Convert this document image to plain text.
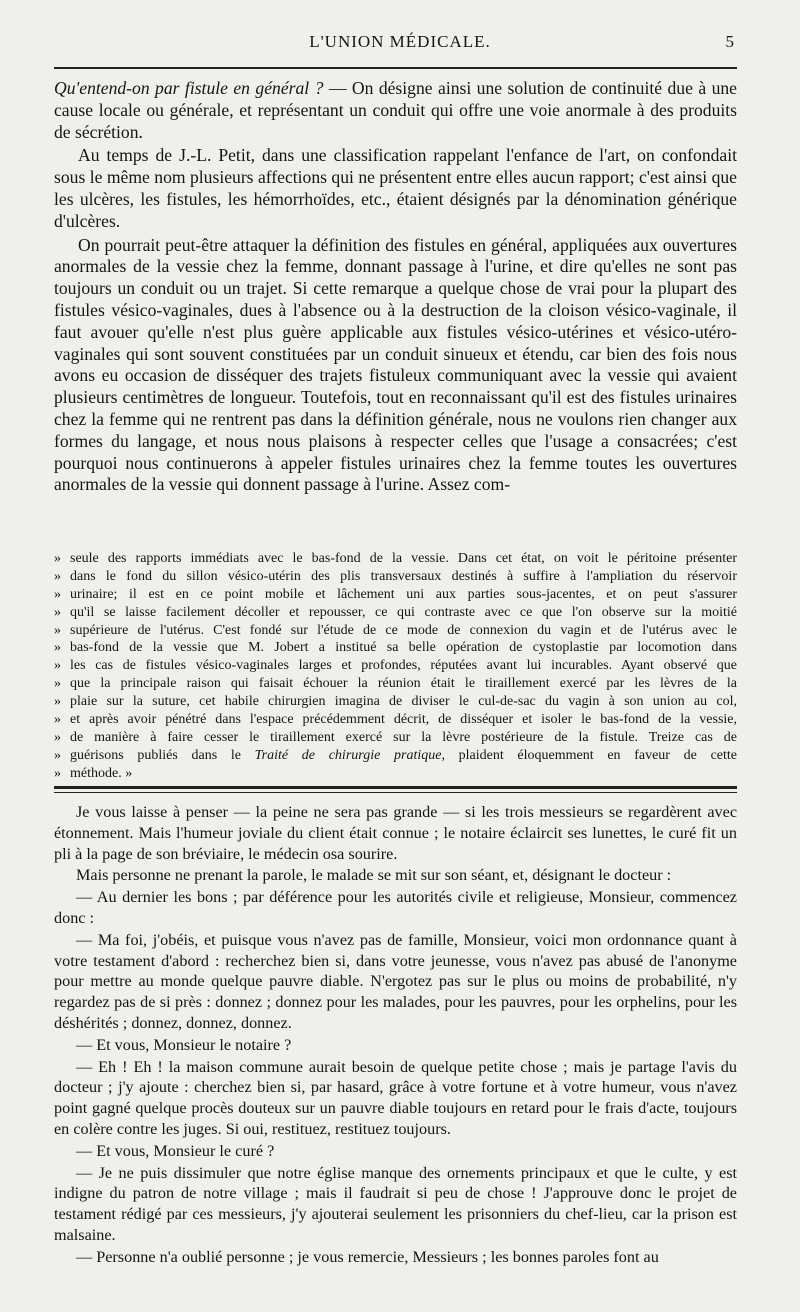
L'UNION MÉDICALE.	5

Qu'entend-on par fistule en général ? — On désigne ainsi une solution de continuité due à une cause locale ou générale, et représentant un conduit qui offre une voie anormale à des produits de sécrétion.

Au temps de J.-L. Petit, dans une classification rappelant l'enfance de l'art, on confondait sous le même nom plusieurs affections qui ne présentent entre elles aucun rapport; c'est ainsi que les ulcères, les fistules, les hémorrhoïdes, etc., étaient désignés par la dénomination générique d'ulcères.

On pourrait peut-être attaquer la définition des fistules en général, appliquées aux ouvertures anormales de la vessie chez la femme, donnant passage à l'urine, et dire qu'elles ne sont pas toujours un conduit ou un trajet. Si cette remarque a quelque chose de vrai pour la plupart des fistules vésico-vaginales, dues à l'absence ou à la destruction de la cloison vésico-vaginale, il faut avouer qu'elle n'est plus guère applicable aux fistules vésico-utérines et vésico-utéro-vaginales qui sont souvent constituées par un conduit sinueux et étendu, car bien des fois nous avons eu occasion de disséquer des trajets fistuleux communiquant avec la vessie qui avaient plusieurs centimètres de longueur. Toutefois, tout en reconnaissant qu'il est des fistules urinaires chez la femme qui ne rentrent pas dans la définition générale, nous ne voulons rien changer aux formes du langage, et nous nous plaisons à respecter celles que l'usage a consacrées; c'est pourquoi nous continuerons à appeler fistules urinaires chez la femme toutes les ouvertures anormales de la vessie qui donnent passage à l'urine. Assez com-

» seule des rapports immédiats avec le bas-fond de la vessie. Dans cet état, on voit le péritoine présenter
» dans le fond du sillon vésico-utérin des plis transversaux destinés à suffire à l'ampliation du réservoir
» urinaire; il est en ce point mobile et lâchement uni aux parties sous-jacentes, et on peut s'assurer
» qu'il se laisse facilement décoller et repousser, ce qui contraste avec ce que l'on observe sur la moitié
» supérieure de l'utérus. C'est fondé sur l'étude de ce mode de connexion du vagin et de l'utérus avec le
» bas-fond de la vessie que M. Jobert a institué sa belle opération de cystoplastie par locomotion dans
» les cas de fistules vésico-vaginales larges et profondes, réputées avant lui incurables. Ayant observé que
» que la principale raison qui faisait échouer la réunion était le tiraillement exercé par les lèvres de la
» plaie sur la suture, cet habile chirurgien imagina de diviser le cul-de-sac du vagin à son union au col,
» et après avoir pénétré dans l'espace précédemment décrit, de disséquer et isoler le bas-fond de la vessie,
» de manière à faire cesser le tiraillement exercé sur la lèvre postérieure de la fistule. Treize cas de
» guérisons publiés dans le Traité de chirurgie pratique, plaident éloquemment en faveur de cette
» méthode. »

Je vous laisse à penser — la peine ne sera pas grande — si les trois messieurs se regardèrent avec étonnement. Mais l'humeur joviale du client était connue ; le notaire éclaircit ses lunettes, le curé fit un pli à la page de son bréviaire, le médecin osa sourire.

Mais personne ne prenant la parole, le malade se mit sur son séant, et, désignant le docteur :

— Au dernier les bons ; par déférence pour les autorités civile et religieuse, Monsieur, commencez donc :

— Ma foi, j'obéis, et puisque vous n'avez pas de famille, Monsieur, voici mon ordonnance quant à votre testament d'abord : recherchez bien si, dans votre jeunesse, vous n'avez pas abusé de l'anonyme pour mettre au monde quelque pauvre diable. N'ergotez pas sur le plus ou moins de probabilité, n'y regardez pas de si près : donnez ; donnez pour les malades, pour les pauvres, pour les orphelins, pour les déshérités ; donnez, donnez, donnez.

— Et vous, Monsieur le notaire ?

— Eh ! Eh ! la maison commune aurait besoin de quelque petite chose ; mais je partage l'avis du docteur ; j'y ajoute : cherchez bien si, par hasard, grâce à votre fortune et à votre humeur, vous n'avez point gagné quelque procès douteux sur un pauvre diable toujours en retard pour le frais d'acte, toujours en colère contre les juges. Si oui, restituez, restituez toujours.

— Et vous, Monsieur le curé ?

— Je ne puis dissimuler que notre église manque des ornements principaux et que le culte, y est indigne du patron de notre village ; mais il faudrait si peu de chose ! J'approuve donc le projet de testament rédigé par ces messieurs, j'y ajouterai seulement les prisonniers du chef-lieu, car la prison est malsaine.

— Personne n'a oublié personne ; je vous remercie, Messieurs ; les bonnes paroles font au
